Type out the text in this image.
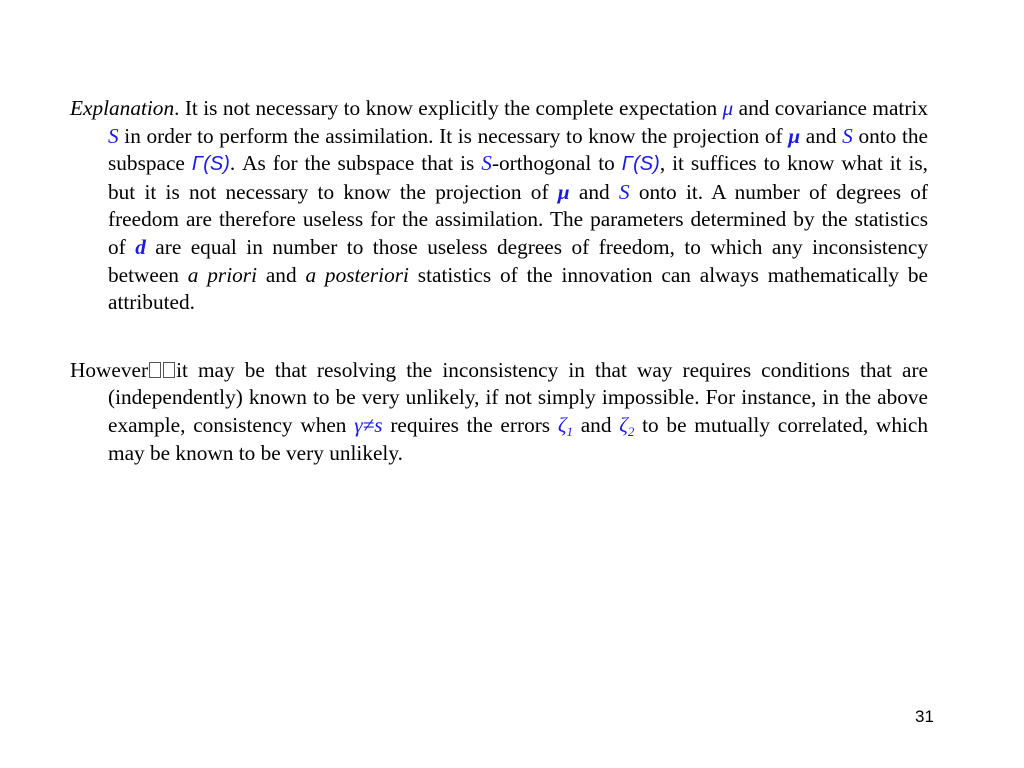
Explanation. It is not necessary to know explicitly the complete expectation μ and covariance matrix S in order to perform the assimilation. It is necessary to know the projection of μ and S onto the subspace Γ(S). As for the subspace that is S-orthogonal to Γ(S), it suffices to know what it is, but it is not necessary to know the projection of μ and S onto it. A number of degrees of freedom are therefore useless for the assimilation. The parameters determined by the statistics of d are equal in number to those useless degrees of freedom, to which any inconsistency between a priori and a posteriori statistics of the innovation can always mathematically be attributed.

However it may be that resolving the inconsistency in that way requires conditions that are (independently) known to be very unlikely, if not simply impossible. For instance, in the above example, consistency when γ≠s requires the errors $\zeta_1$ and $\zeta_2$ to be mutually correlated, which may be known to be very unlikely.

31
